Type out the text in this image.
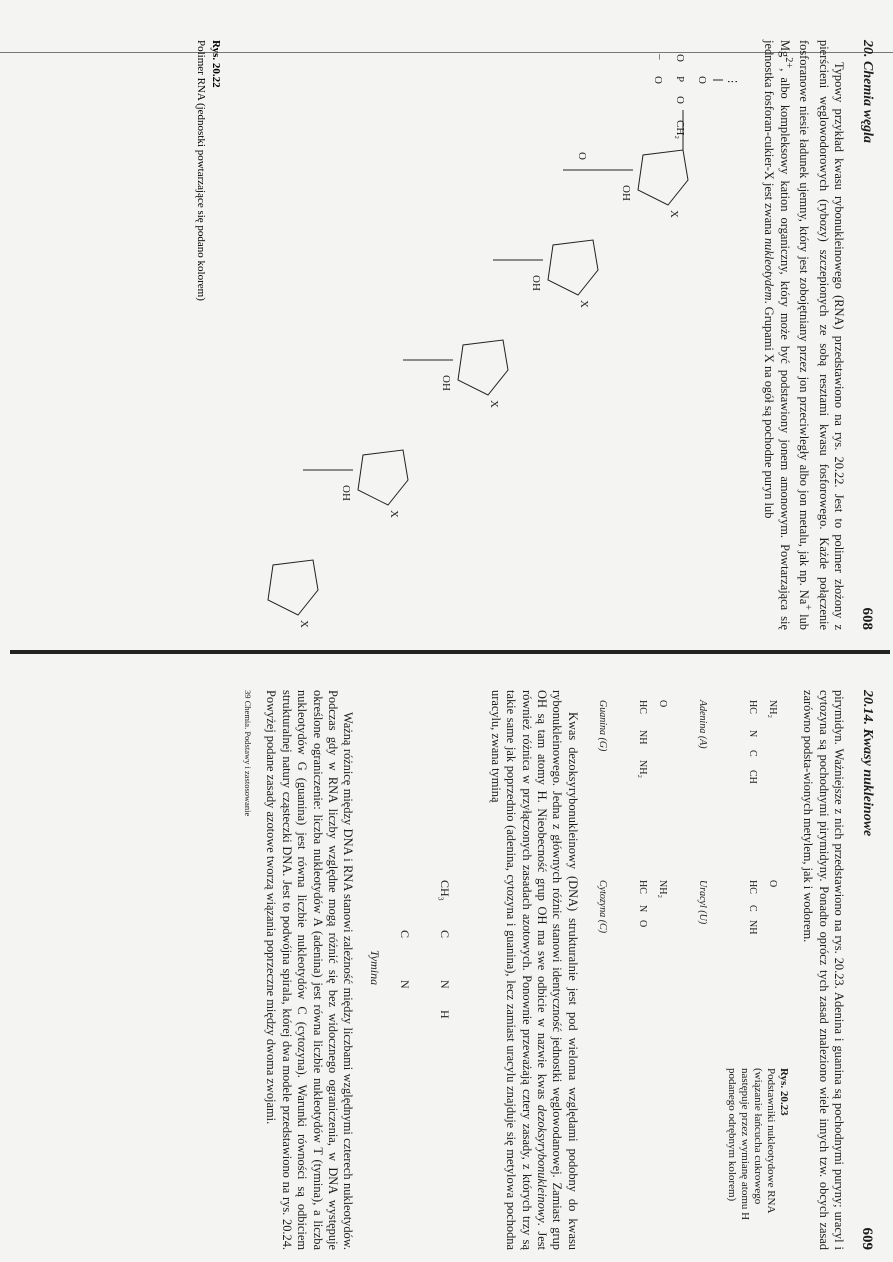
20. Chemia węgla
608

Typowy przykład kwasu rybonukleinowego (RNA) przedstawiono na rys. 20.22. Jest to polimer złożony z pierścieni węglowodorowych (rybozy) szczepionych ze sobą resztami kwasu fosforowego. Każde połączenie fosforanowe niesie ładunek ujemny, który jest zobojętniany przez jon przeciwległy albo jon metalu, jak np. Na+ lub $Mg^{2+}$, albo kompleksowy kation organiczny, który może być podstawiony jonem amonowym. Powtarzająca się jednostka fosforan-cukier-X jest zwana nukleotydem. Grupami X na ogół są pochodne puryn lub

⋮
O
P
O
CH₂
O
O
–
X
OH
O
X
OH
X
OH
X
OH
X
Rys. 20.22
Polimer RNA (jednostki powtarzające się podano kolorem)
20.14. Kwasy nukleinowe
609

pirymidyn. Ważniejsze z nich przedstawiono na rys. 20.23. Adenina i guanina są pochodnymi puryny; uracyl i cytozyna są pochodnymi pirymidyny. Ponadto oprócz tych zasad znaleziono wiele innych tzw. obcych zasad zarówno podsta-wionych metylem, jak i wodorem.

NH₂
HC
N
C
CH
Adenina (A)
O
HC
C
NH
Uracyl (U)
O
HC
NH
NH₂
Guanina (G)
NH₂
HC
N
O
Cytozyna (C)
Rys. 20.23
Podstawniki nukleotydowe RNA (wiązanie łańcucha cukrowego następuje przez wymianę atomu H podanego odrębnym kolorem)

Kwas dezoksyrybonukleinowy (DNA) strukturalnie jest pod wieloma względami podobny do kwasu rybonukleinowego. Jedna z głównych różnic stanowi identyczność jednostki węglowodanowej. Zamiast grup OH są tam atomy H. Nieobecność grup OH ma swe odbicie w nazwie kwas dezoksyrybonukleinowy. Jest również różnica w przyłączonych zasadach azotowych. Ponownie przeważają cztery zasady, z których trzy są takie same jak poprzednio (adenina, cytozyna i guanina), lecz zamiast uracylu znajduje się metylowa pochodna uracylu, zwana tyminą

CH₃
C
N
H
C
N
Tymina

Ważną różnicę między DNA i RNA stanowi zależność między liczbami względnymi czterech nukleotydów. Podczas gdy w RNA liczby względne mogą różnić się bez widocznego ograniczenia, w DNA występuje określone ograniczenie: liczba nukleotydów A (adenina) jest równa liczbie nukleotydów T (tymina), a liczba nukleotydów G (guanina) jest równa liczbie nukleotydów C (cytozyna). Warunki równości są odbiciem strukturalnej natury cząsteczki DNA. Jest to podwójna spirala, której dwa modele przedstawiono na rys. 20.24. Powyżej podane zasady azotowe tworzą wiązania poprzeczne między dwoma zwojami.

39 Chemia. Podstawy i zastosowanie
